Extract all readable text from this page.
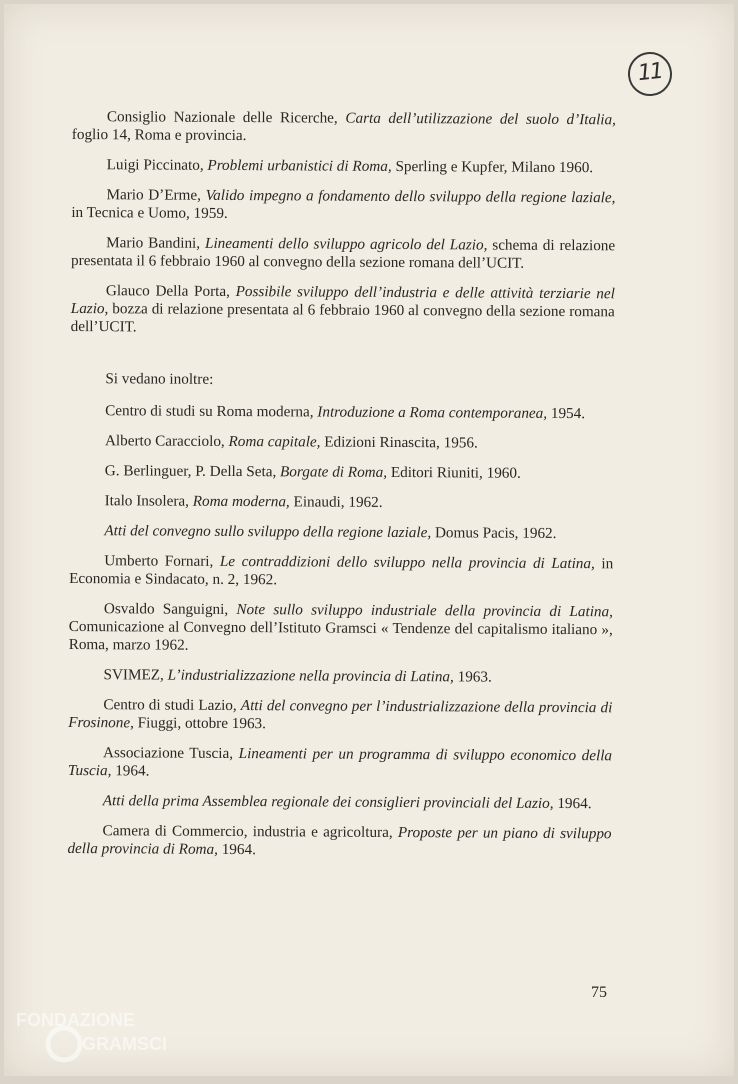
11

Consiglio Nazionale delle Ricerche, Carta dell’utilizzazione del suolo d’Italia, foglio 14, Roma e provincia.

Luigi Piccinato, Problemi urbanistici di Roma, Sperling e Kupfer, Milano 1960.

Mario D’Erme, Valido impegno a fondamento dello sviluppo della regione laziale, in Tecnica e Uomo, 1959.

Mario Bandini, Lineamenti dello sviluppo agricolo del Lazio, schema di relazione presentata il 6 febbraio 1960 al convegno della sezione romana dell’UCIT.

Glauco Della Porta, Possibile sviluppo dell’industria e delle attività terziarie nel Lazio, bozza di relazione presentata al 6 febbraio 1960 al convegno della sezione romana dell’UCIT.

Si vedano inoltre:

Centro di studi su Roma moderna, Introduzione a Roma contemporanea, 1954.

Alberto Caracciolo, Roma capitale, Edizioni Rinascita, 1956.

G. Berlinguer, P. Della Seta, Borgate di Roma, Editori Riuniti, 1960.

Italo Insolera, Roma moderna, Einaudi, 1962.

Atti del convegno sullo sviluppo della regione laziale, Domus Pacis, 1962.

Umberto Fornari, Le contraddizioni dello sviluppo nella provincia di Latina, in Economia e Sindacato, n. 2, 1962.

Osvaldo Sanguigni, Note sullo sviluppo industriale della provincia di Latina, Comunicazione al Convegno dell’Istituto Gramsci « Tendenze del capitalismo italiano », Roma, marzo 1962.

SVIMEZ, L’industrializzazione nella provincia di Latina, 1963.

Centro di studi Lazio, Atti del convegno per l’industrializzazione della provincia di Frosinone, Fiuggi, ottobre 1963.

Associazione Tuscia, Lineamenti per un programma di sviluppo economico della Tuscia, 1964.

Atti della prima Assemblea regionale dei consiglieri provinciali del Lazio, 1964.

Camera di Commercio, industria e agricoltura, Proposte per un piano di sviluppo della provincia di Roma, 1964.

75
FONDAZIONE
GRAMSCI
